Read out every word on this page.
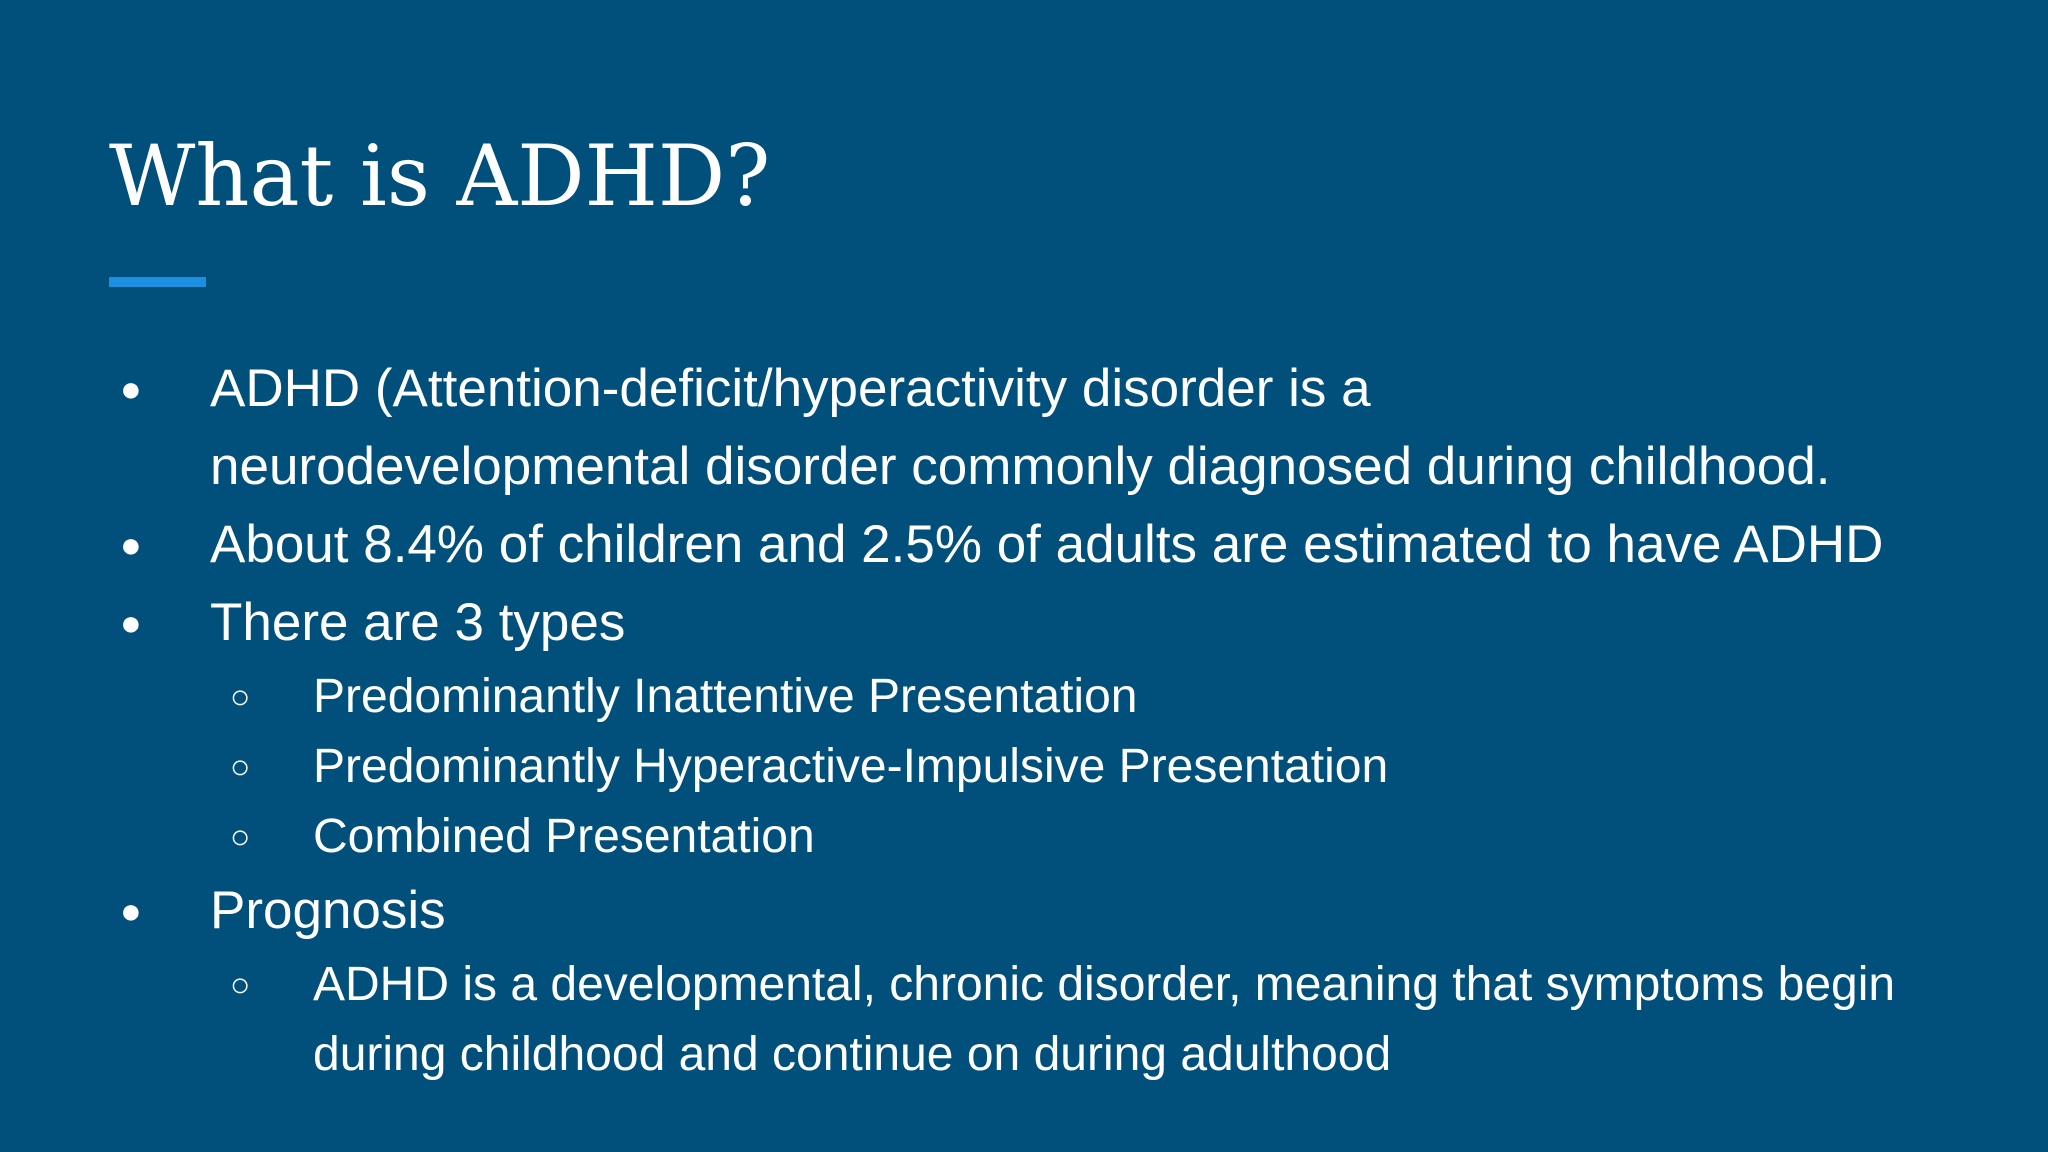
What is ADHD?
●	ADHD (Attention-deficit/hyperactivity disorder is a
neurodevelopmental disorder commonly diagnosed during childhood.
●	About 8.4% of children and 2.5% of adults are estimated to have ADHD
●	There are 3 types
○ Predominantly Inattentive Presentation
○ Predominantly Hyperactive-Impulsive Presentation
○ Combined Presentation
●	Prognosis
○ ADHD is a developmental, chronic disorder, meaning that symptoms begin
during childhood and continue on during adulthood
